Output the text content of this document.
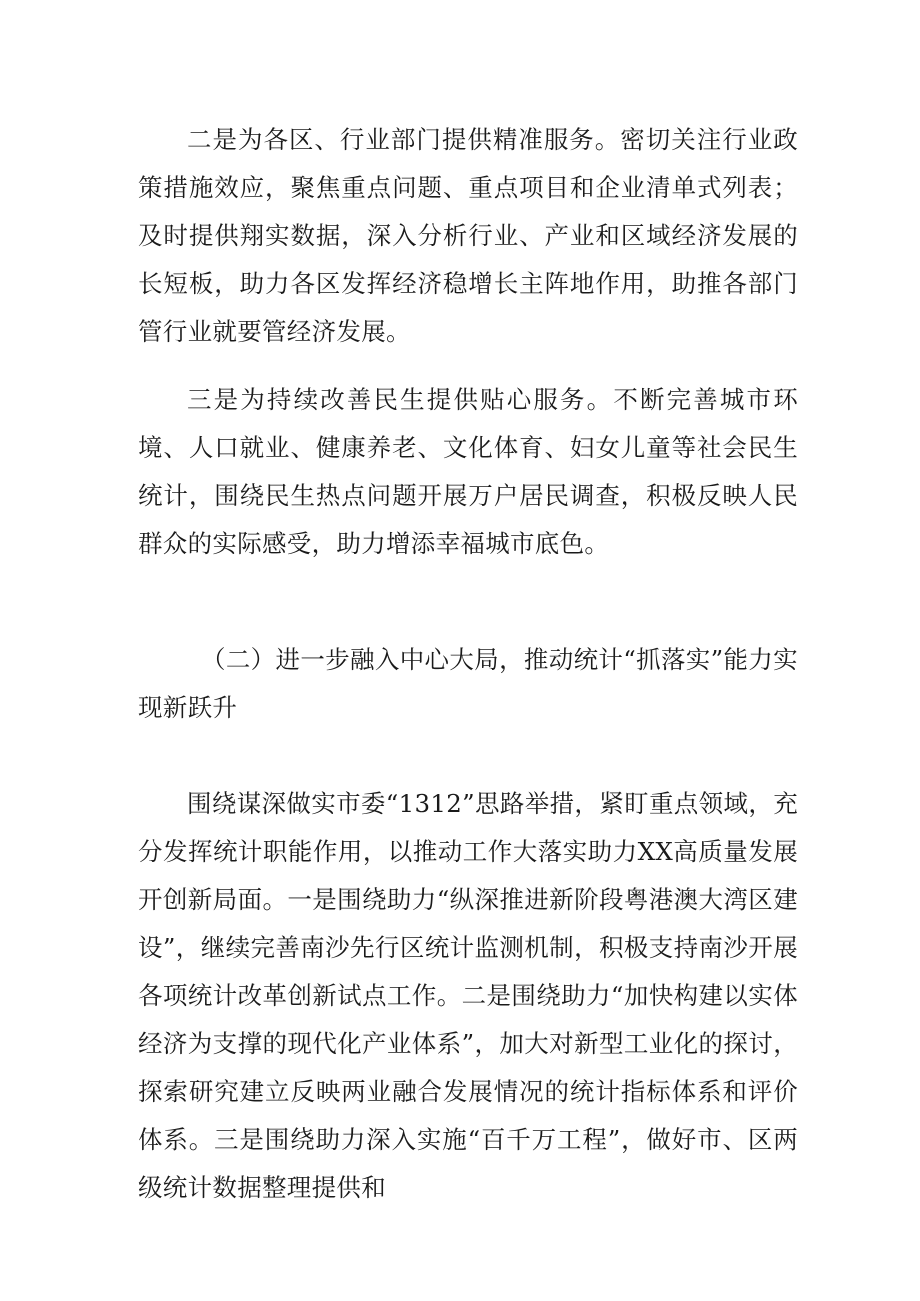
二是为各区、行业部门提供精准服务。密切关注行业政策措施效应，聚焦重点问题、重点项目和企业清单式列表；及时提供翔实数据，深入分析行业、产业和区域经济发展的长短板，助力各区发挥经济稳增长主阵地作用，助推各部门管行业就要管经济发展。

三是为持续改善民生提供贴心服务。不断完善城市环境、人口就业、健康养老、文化体育、妇女儿童等社会民生统计，围绕民生热点问题开展万户居民调查，积极反映人民群众的实际感受，助力增添幸福城市底色。

（二）进一步融入中心大局，推动统计“抓落实”能力实现新跃升

围绕谋深做实市委“1312”思路举措，紧盯重点领域，充分发挥统计职能作用，以推动工作大落实助力XX高质量发展开创新局面。一是围绕助力“纵深推进新阶段粤港澳大湾区建设”，继续完善南沙先行区统计监测机制，积极支持南沙开展各项统计改革创新试点工作。二是围绕助力“加快构建以实体经济为支撑的现代化产业体系”，加大对新型工业化的探讨，探索研究建立反映两业融合发展情况的统计指标体系和评价体系。三是围绕助力深入实施“百千万工程”，做好市、区两级统计数据整理提供和
